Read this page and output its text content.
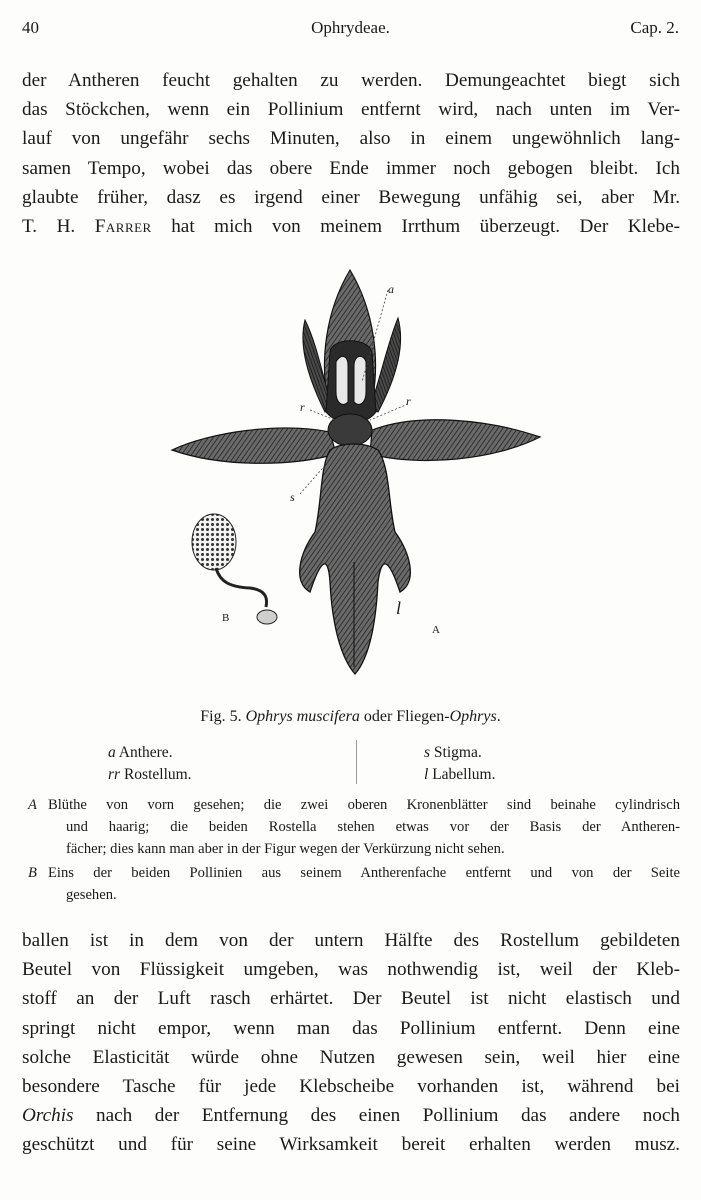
40	Ophrydeae.	Cap. 2.
der Antheren feucht gehalten zu werden. Demungeachtet biegt sich
das Stöckchen, wenn ein Pollinium entfernt wird, nach unten im Ver-
lauf von ungefähr sechs Minuten, also in einem ungewöhnlich lang-
samen Tempo, wobei das obere Ende immer noch gebogen bleibt. Ich
glaubte früher, dasz es irgend einer Bewegung unfähig sei, aber Mr.
T. H. Farrer hat mich von meinem Irrthum überzeugt. Der Klebe-
a
r	r
s
l
A
B
Fig. 5. Ophrys muscifera oder Fliegen-Ophrys.
a Anthere.
rr Rostellum.
s Stigma.
l Labellum.
A Blüthe von vorn gesehen; die zwei oberen Kronenblätter sind beinahe cylindrisch
und haarig; die beiden Rostella stehen etwas vor der Basis der Antheren-
fächer; dies kann man aber in der Figur wegen der Verkürzung nicht sehen.
B Eins der beiden Pollinien aus seinem Antherenfache entfernt und von der Seite
gesehen.
ballen ist in dem von der untern Hälfte des Rostellum gebildeten
Beutel von Flüssigkeit umgeben, was nothwendig ist, weil der Kleb-
stoff an der Luft rasch erhärtet. Der Beutel ist nicht elastisch und
springt nicht empor, wenn man das Pollinium entfernt. Denn eine
solche Elasticität würde ohne Nutzen gewesen sein, weil hier eine
besondere Tasche für jede Klebscheibe vorhanden ist, während bei
Orchis nach der Entfernung des einen Pollinium das andere noch
geschützt und für seine Wirksamkeit bereit erhalten werden musz.
